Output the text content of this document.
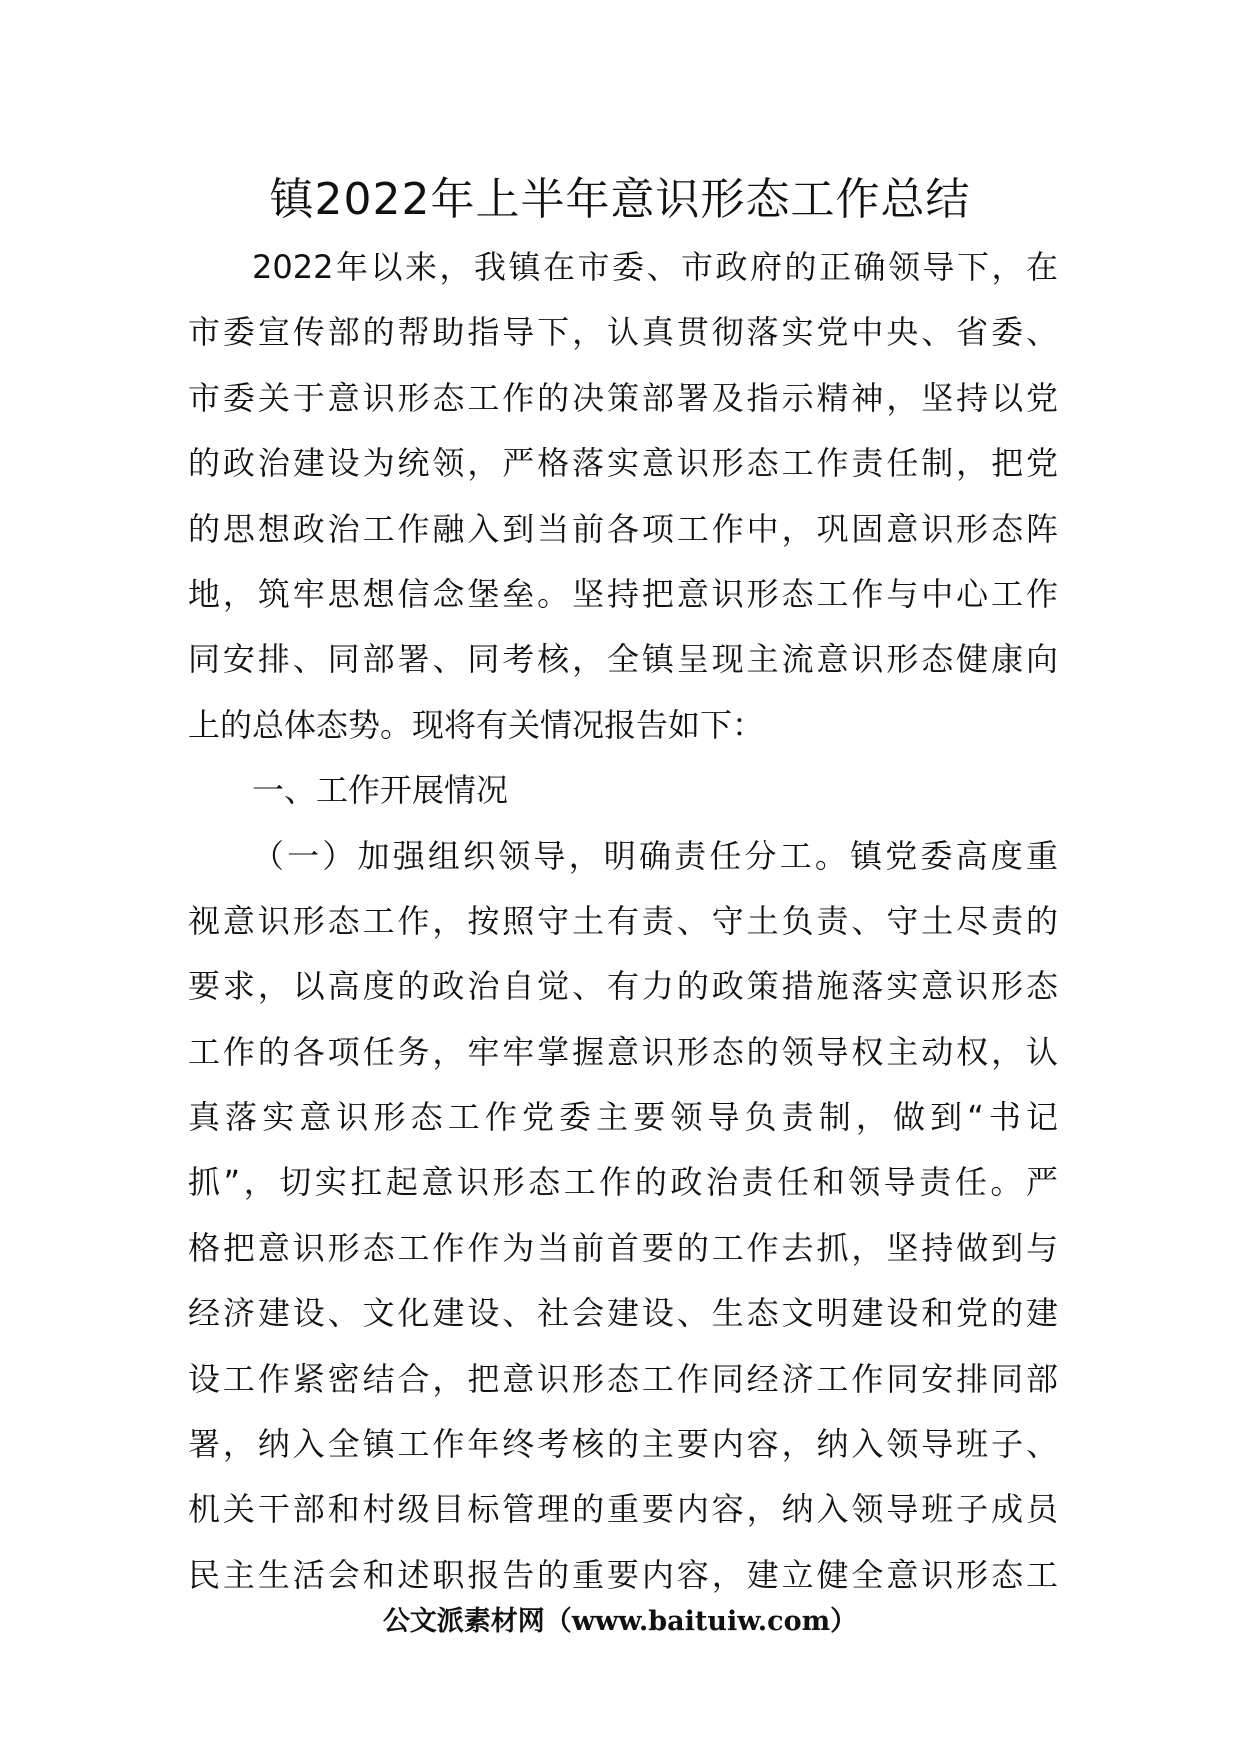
镇2022年上半年意识形态工作总结
2022年以来，我镇在市委、市政府的正确领导下，在
市委宣传部的帮助指导下，认真贯彻落实党中央、省委、
市委关于意识形态工作的决策部署及指示精神，坚持以党
的政治建设为统领，严格落实意识形态工作责任制，把党
的思想政治工作融入到当前各项工作中，巩固意识形态阵
地，筑牢思想信念堡垒。坚持把意识形态工作与中心工作
同安排、同部署、同考核，全镇呈现主流意识形态健康向
上的总体态势。现将有关情况报告如下：
一、工作开展情况
（一）加强组织领导，明确责任分工。镇党委高度重
视意识形态工作，按照守土有责、守土负责、守土尽责的
要求，以高度的政治自觉、有力的政策措施落实意识形态
工作的各项任务，牢牢掌握意识形态的领导权主动权，认
真落实意识形态工作党委主要领导负责制，做到“书记
抓”，切实扛起意识形态工作的政治责任和领导责任。严
格把意识形态工作作为当前首要的工作去抓，坚持做到与
经济建设、文化建设、社会建设、生态文明建设和党的建
设工作紧密结合，把意识形态工作同经济工作同安排同部
署，纳入全镇工作年终考核的主要内容，纳入领导班子、
机关干部和村级目标管理的重要内容，纳入领导班子成员
民主生活会和述职报告的重要内容，建立健全意识形态工
公文派素材网（www.baituiw.com）
